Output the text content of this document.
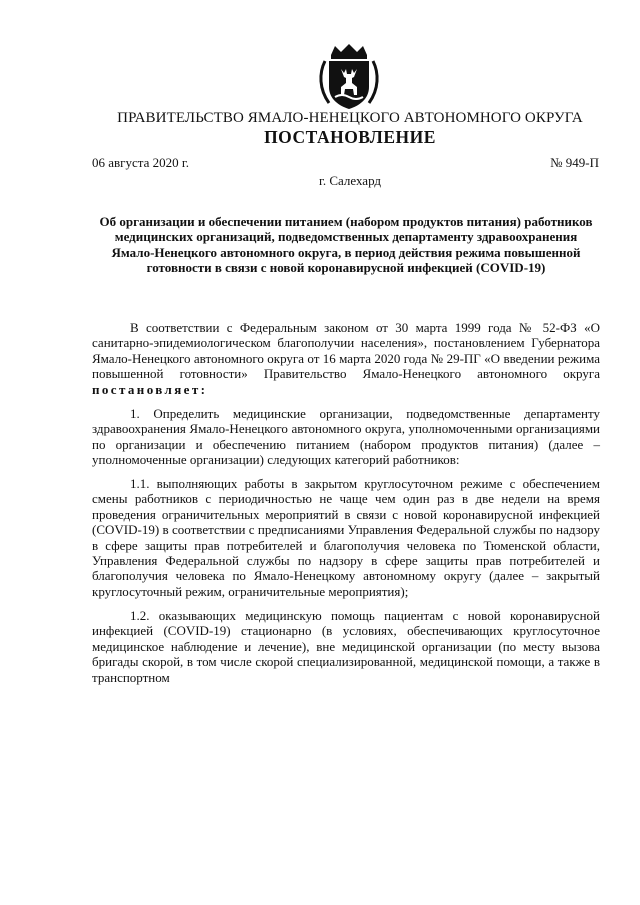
ПРАВИТЕЛЬСТВО ЯМАЛО-НЕНЕЦКОГО АВТОНОМНОГО ОКРУГА
ПОСТАНОВЛЕНИЕ
06 августа 2020 г.	№ 949-П
г. Салехард
Об организации и обеспечении питанием (набором продуктов питания) работников медицинских организаций, подведомственных департаменту здравоохранения Ямало-Ненецкого автономного округа, в период действия режима повышенной готовности в связи с новой коронавирусной инфекцией (COVID-19)

В соответствии с Федеральным законом от 30 марта 1999 года № 52-ФЗ «О санитарно-эпидемиологическом благополучии населения», постановлением Губернатора Ямало-Ненецкого автономного округа от 16 марта 2020 года № 29-ПГ «О введении режима повышенной готовности» Правительство Ямало-Ненецкого автономного округа постановляет:

1. Определить медицинские организации, подведомственные департаменту здравоохранения Ямало-Ненецкого автономного округа, уполномоченными организациями по организации и обеспечению питанием (набором продуктов питания) (далее – уполномоченные организации) следующих категорий работников:

1.1. выполняющих работы в закрытом круглосуточном режиме с обеспечением смены работников с периодичностью не чаще чем один раз в две недели на время проведения ограничительных мероприятий в связи с новой коронавирусной инфекцией (COVID-19) в соответствии с предписаниями Управления Федеральной службы по надзору в сфере защиты прав потребителей и благополучия человека по Тюменской области, Управления Федеральной службы по надзору в сфере защиты прав потребителей и благополучия человека по Ямало-Ненецкому автономному округу (далее – закрытый круглосуточный режим, ограничительные мероприятия);

1.2. оказывающих медицинскую помощь пациентам с новой коронавирусной инфекцией (COVID-19) стационарно (в условиях, обеспечивающих круглосуточное медицинское наблюдение и лечение), вне медицинской организации (по месту вызова бригады скорой, в том числе скорой специализированной, медицинской помощи, а также в транспортном
